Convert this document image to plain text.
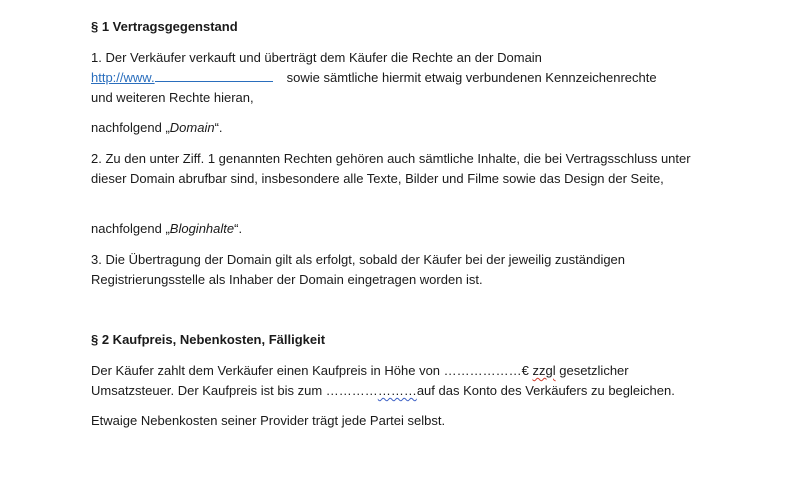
§ 1 Vertragsgegenstand

1. Der Verkäufer verkauft und überträgt dem Käufer die Rechte an der Domain
http://www.	sowie sämtliche hiermit etwaig verbundenen Kennzeichenrechte
und weiteren Rechte hieran,

nachfolgend „Domain“.

2. Zu den unter Ziff. 1 genannten Rechten gehören auch sämtliche Inhalte, die bei Vertragsschluss unter dieser Domain abrufbar sind, insbesondere alle Texte, Bilder und Filme sowie das Design der Seite,

nachfolgend „Bloginhalte“.

3. Die Übertragung der Domain gilt als erfolgt, sobald der Käufer bei der jeweilig zuständigen Registrierungsstelle als Inhaber der Domain eingetragen worden ist.

§ 2 Kaufpreis, Nebenkosten, Fälligkeit

Der Käufer zahlt dem Verkäufer einen Kaufpreis in Höhe von ………………€ zzgl gesetzlicher Umsatzsteuer. Der Kaufpreis ist bis zum …………………auf das Konto des Verkäufers zu begleichen.

Etwaige Nebenkosten seiner Provider trägt jede Partei selbst.
